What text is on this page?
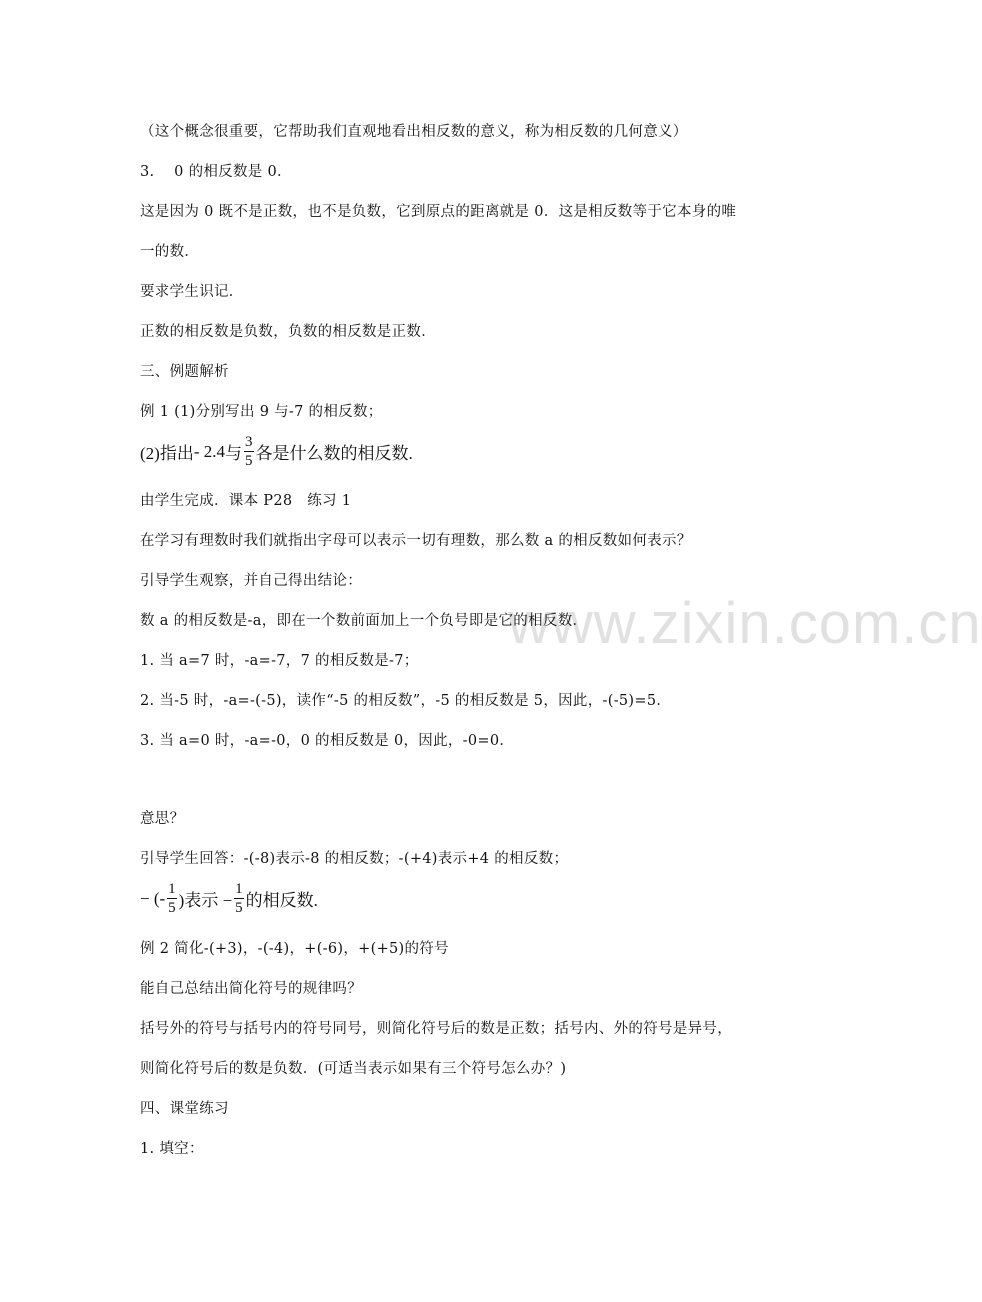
www.zixin.com.cn
（这个概念很重要，它帮助我们直观地看出相反数的意义，称为相反数的几何意义）
3.　 0 的相反数是 0．
这是因为 0 既不是正数，也不是负数，它到原点的距离就是 0．这是相反数等于它本身的唯
一的数．
要求学生识记．
正数的相反数是负数，负数的相反数是正数．
三、例题解析
例 1 (1)分别写出 9 与-7 的相反数；
(2)指出 - 2.4 与 $\frac{3}{5}$ 各是什么数的相反数.
由学生完成．课本 P28　练习 1
在学习有理数时我们就指出字母可以表示一切有理数，那么数 a 的相反数如何表示？
引导学生观察，并自己得出结论：
数 a 的相反数是-a，即在一个数前面加上一个负号即是它的相反数．
1. 当 a=7 时，-a=-7，7 的相反数是-7；
2. 当-5 时，-a=-(-5)，读作“-5 的相反数”，-5 的相反数是 5，因此，-(-5)=5．
3. 当 a=0 时，-a=-0，0 的相反数是 0，因此，-0=0．
意思？
引导学生回答：-(-8)表示-8 的相反数；-(+4)表示+4 的相反数；
− (- $\frac{1}{5}$ )表示 − $\frac{1}{5}$ 的相反数.
例 2 简化-(+3)，-(-4)，+(-6)，+(+5)的符号
能自己总结出简化符号的规律吗？
括号外的符号与括号内的符号同号，则简化符号后的数是正数；括号内、外的符号是异号，
则简化符号后的数是负数．(可适当表示如果有三个符号怎么办？)
四、课堂练习
1. 填空：
